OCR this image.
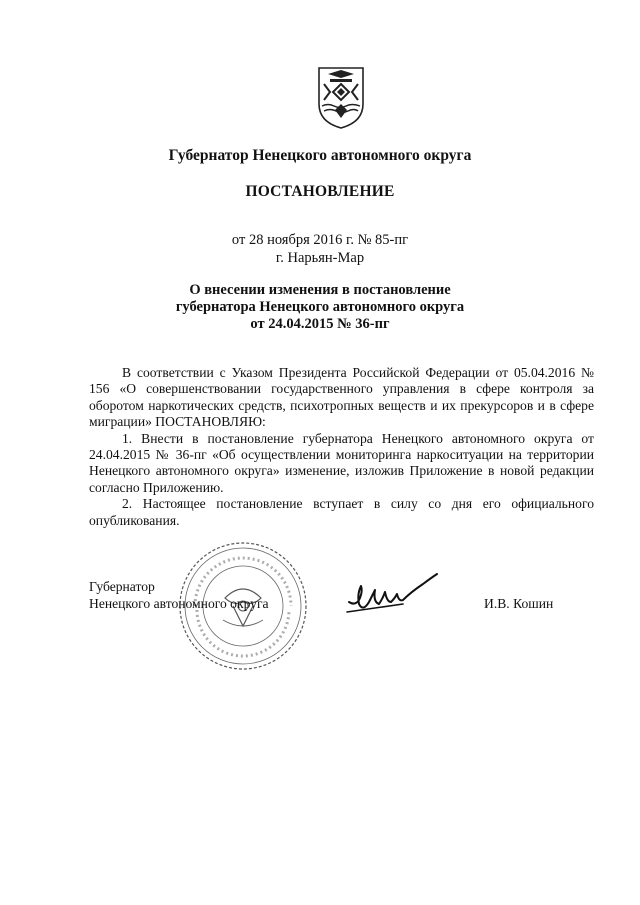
Губернатор Ненецкого автономного округа
ПОСТАНОВЛЕНИЕ
от 28 ноября 2016 г. № 85-пг
г. Нарьян-Мар
О внесении изменения в постановление
губернатора Ненецкого автономного округа
от 24.04.2015 № 36-пг

В соответствии с Указом Президента Российской Федерации от 05.04.2016 № 156 «О совершенствовании государственного управления в сфере контроля за оборотом наркотических средств, психотропных веществ и их прекурсоров и в сфере миграции» ПОСТАНОВЛЯЮ:

1. Внести в постановление губернатора Ненецкого автономного округа от 24.04.2015 № 36-пг «Об осуществлении мониторинга наркоситуации на территории Ненецкого автономного округа» изменение, изложив Приложение в новой редакции согласно Приложению.

2. Настоящее постановление вступает в силу со дня его официального опубликования.

Губернатор
Ненецкого автономного округа	И.В. Кошин
